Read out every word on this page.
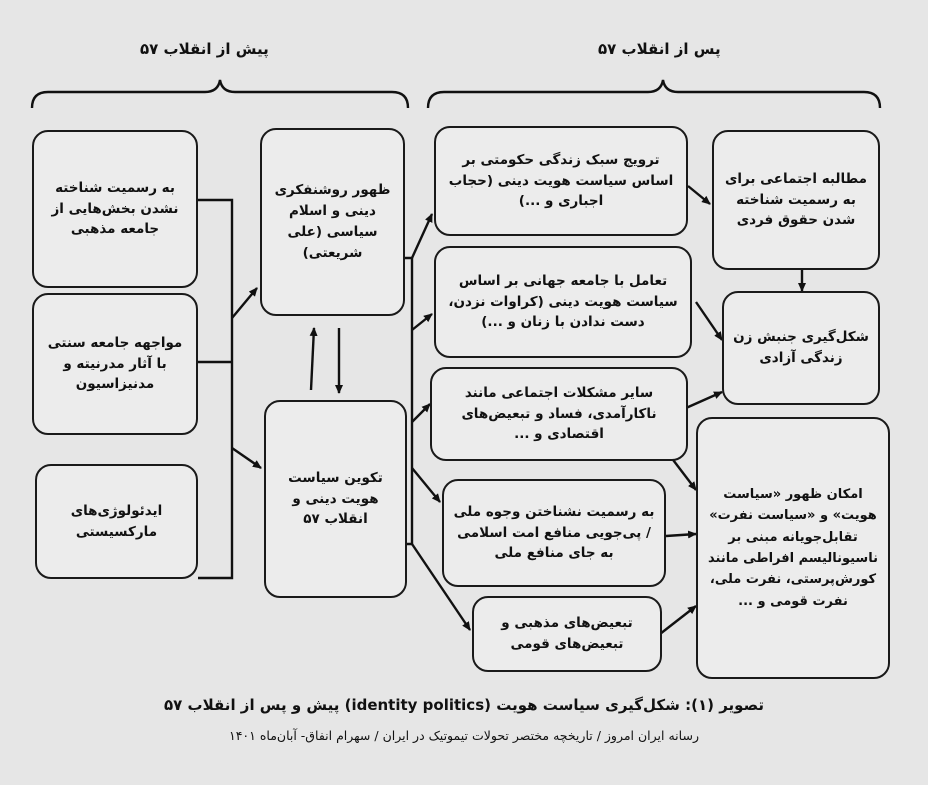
پیش از انقلاب ۵۷	پس از انقلاب ۵۷
به رسمیت شناخته نشدن بخش‌هایی از جامعه مذهبی
مواجهه جامعه سنتی با آثار مدرنیته و مدنیزاسیون
ایدئولوژی‌های مارکسیستی
ظهور روشنفکری دینی و اسلام سیاسی (علی شریعتی)
تکوین سیاست هویت دینی و انقلاب ۵۷
ترویج سبک زندگی حکومتی بر اساس سیاست هویت دینی (حجاب اجباری و ...)
تعامل با جامعه جهانی بر اساس سیاست هویت دینی (کراوات نزدن، دست ندادن با زنان و ...)
سایر مشکلات اجتماعی مانند ناکارآمدی، فساد و تبعیض‌های اقتصادی و ...
به رسمیت نشناختن وجوه ملی / پی‌جویی منافع امت اسلامی به جای منافع ملی
تبعیض‌های مذهبی و تبعیض‌های قومی
مطالبه اجتماعی برای به رسمیت شناخته شدن حقوق فردی
شکل‌گیری جنبش زن زندگی آزادی
امکان ظهور «سیاست هویت» و «سیاست نفرت» تقابل‌جویانه مبنی بر ناسیونالیسم افراطی مانند کورش‌پرستی، نفرت ملی، نفرت قومی و ...
تصویر (۱): شکل‌گیری سیاست هویت (identity politics) پیش و پس از انقلاب ۵۷
رسانه ایران امروز / تاریخچه مختصر تحولات تیموتیک در ایران / سهرام انفاق- آبان‌ماه ۱۴۰۱
